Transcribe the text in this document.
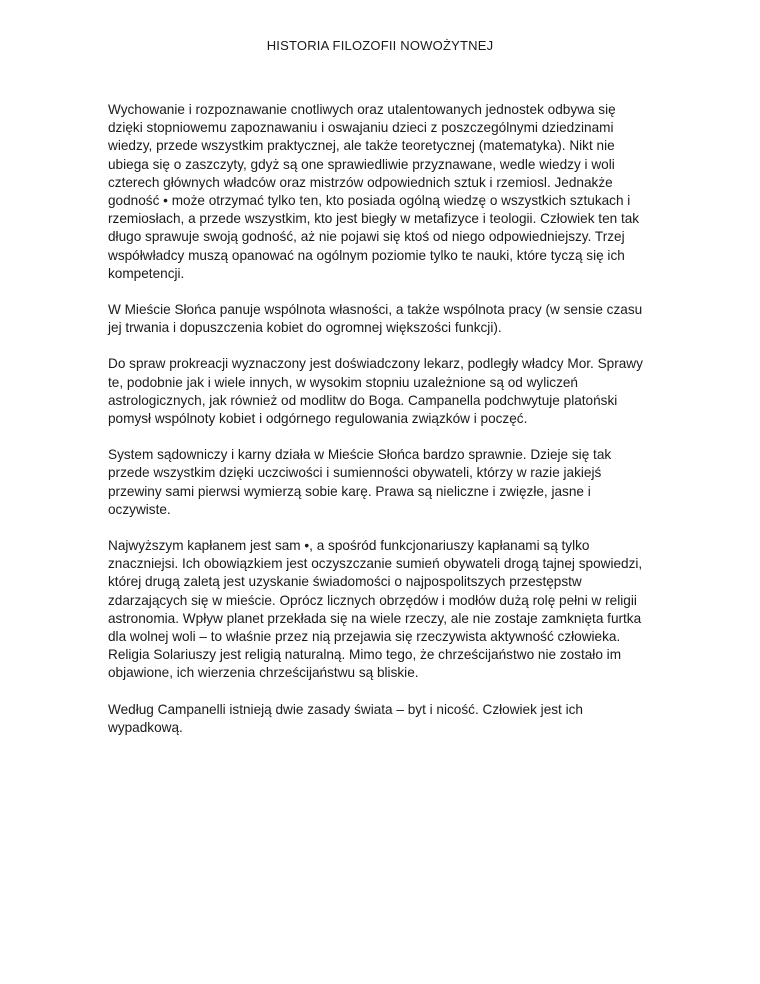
HISTORIA FILOZOFII NOWOŻYTNEJ

Wychowanie i rozpoznawanie cnotliwych oraz utalentowanych jednostek odbywa się dzięki stopniowemu zapoznawaniu i oswajaniu dzieci z poszczególnymi dziedzinami wiedzy, przede wszystkim praktycznej, ale także teoretycznej (matematyka). Nikt nie ubiega się o zaszczyty, gdyż są one sprawiedliwie przyznawane, wedle wiedzy i woli czterech głównych władców oraz mistrzów odpowiednich sztuk i rzemiosl. Jednakże godność • może otrzymać tylko ten, kto posiada ogólną wiedzę o wszystkich sztukach i rzemiosłach, a przede wszystkim, kto jest biegły w metafizyce i teologii. Człowiek ten tak długo sprawuje swoją godność, aż nie pojawi się ktoś od niego odpowiedniejszy. Trzej współwładcy muszą opanować na ogólnym poziomie tylko te nauki, które tyczą się ich kompetencji.

W Mieście Słońca panuje wspólnota własności, a także wspólnota pracy (w sensie czasu jej trwania i dopuszczenia kobiet do ogromnej większości funkcji).

Do spraw prokreacji wyznaczony jest doświadczony lekarz, podległy władcy Mor. Sprawy te, podobnie jak i wiele innych, w wysokim stopniu uzależnione są od wyliczeń astrologicznych, jak również od modlitw do Boga. Campanella podchwytuje platoński pomysł wspólnoty kobiet i odgórnego regulowania związków i poczęć.

System sądowniczy i karny działa w Mieście Słońca bardzo sprawnie. Dzieje się tak przede wszystkim dzięki uczciwości i sumienności obywateli, którzy w razie jakiejś przewiny sami pierwsi wymierzą sobie karę. Prawa są nieliczne i zwięzłe, jasne i oczywiste.

Najwyższym kapłanem jest sam •, a spośród funkcjonariuszy kapłanami są tylko znaczniejsi. Ich obowiązkiem jest oczyszczanie sumień obywateli drogą tajnej spowiedzi, której drugą zaletą jest uzyskanie świadomości o najpospolitszych przestępstw zdarzających się w mieście. Oprócz licznych obrzędów i modłów dużą rolę pełni w religii astronomia. Wpływ planet przekłada się na wiele rzeczy, ale nie zostaje zamknięta furtka dla wolnej woli – to właśnie przez nią przejawia się rzeczywista aktywność człowieka. Religia Solariuszy jest religią naturalną. Mimo tego, że chrześcijaństwo nie zostało im objawione, ich wierzenia chrześcijaństwu są bliskie.

Według Campanelli istnieją dwie zasady świata – byt i nicość. Człowiek jest ich wypadkową.
